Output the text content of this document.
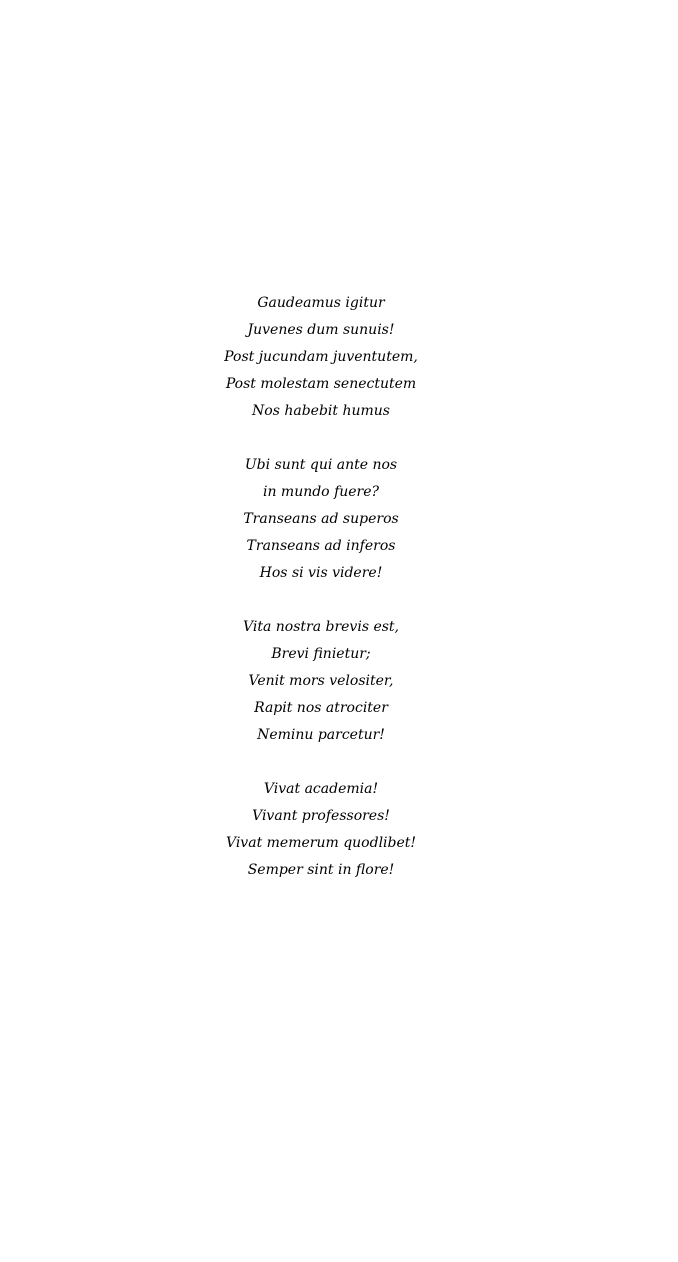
Gaudeamus igitur
Juvenes dum sunuis!
Post jucundam juventutem,
Post molestam senectutem
Nos habebit humus
Ubi sunt qui ante nos
in mundo fuere?
Transeans ad superos
Transeans ad inferos
Hos si vis videre!
Vita nostra brevis est,
Brevi finietur;
Venit mors velositer,
Rapit nos atrociter
Neminu parcetur!
Vivat academia!
Vivant professores!
Vivat memerum quodlibet!
Semper sint in flore!
